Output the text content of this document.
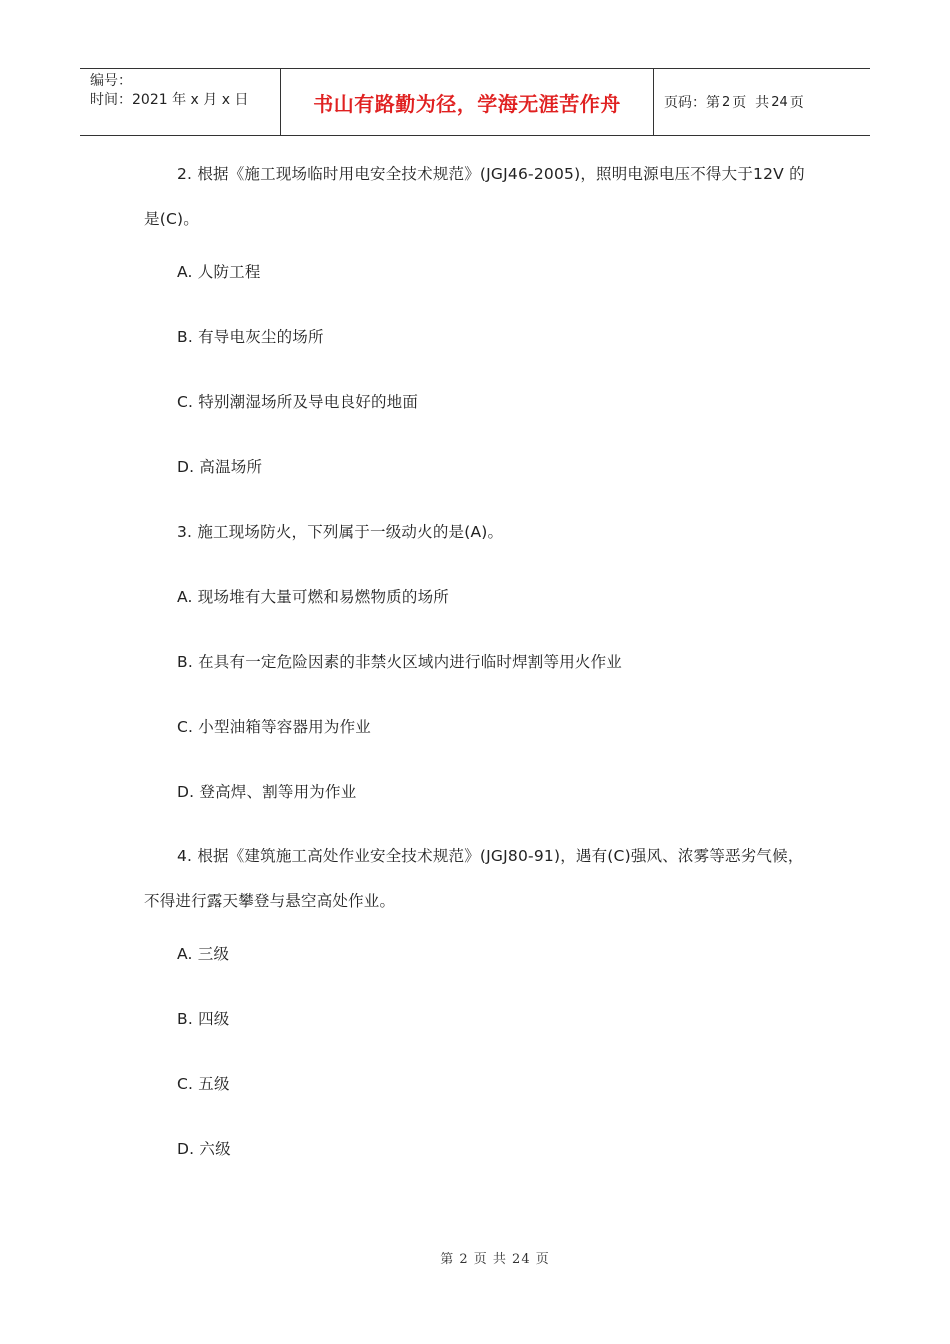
编号：
时间：2021 年 x 月 x 日	书山有路勤为径，学海无涯苦作舟	页码：第 2 页  共 24 页

2. 根据《施工现场临时用电安全技术规范》(JGJ46-2005)，照明电源电压不得大于12V 的是(C)。

A. 人防工程

B. 有导电灰尘的场所

C. 特别潮湿场所及导电良好的地面

D. 高温场所

3. 施工现场防火，下列属于一级动火的是(A)。

A. 现场堆有大量可燃和易燃物质的场所

B. 在具有一定危险因素的非禁火区域内进行临时焊割等用火作业

C. 小型油箱等容器用为作业

D. 登高焊、割等用为作业

4. 根据《建筑施工高处作业安全技术规范》(JGJ80-91)，遇有(C)强风、浓雾等恶劣气候，不得进行露天攀登与悬空高处作业。

A. 三级

B. 四级

C. 五级

D. 六级

第 2 页 共 24 页
